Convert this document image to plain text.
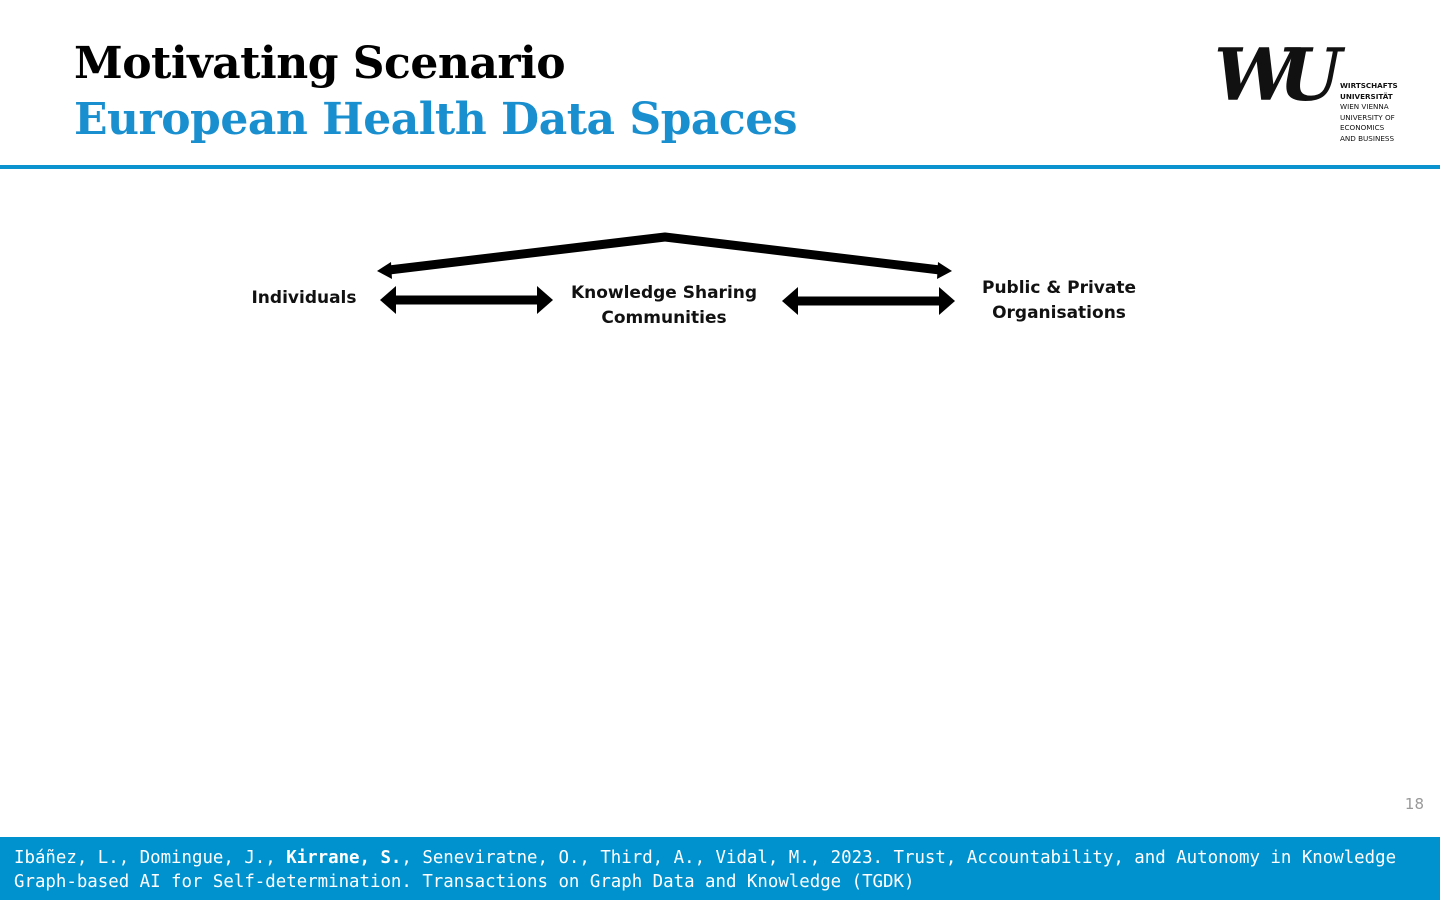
Motivating Scenario
European Health Data Spaces
WU WIRTSCHAFTS
UNIVERSITÄT
WIEN VIENNA
UNIVERSITY OF
ECONOMICS
AND BUSINESS
Individuals	Knowledge Sharing
Communities
Public & Private
Organisations
18
Ibáñez, L., Domingue, J., Kirrane, S., Seneviratne, O., Third, A., Vidal, M., 2023. Trust, Accountability, and Autonomy in Knowledge
Graph-based AI for Self-determination. Transactions on Graph Data and Knowledge (TGDK)
